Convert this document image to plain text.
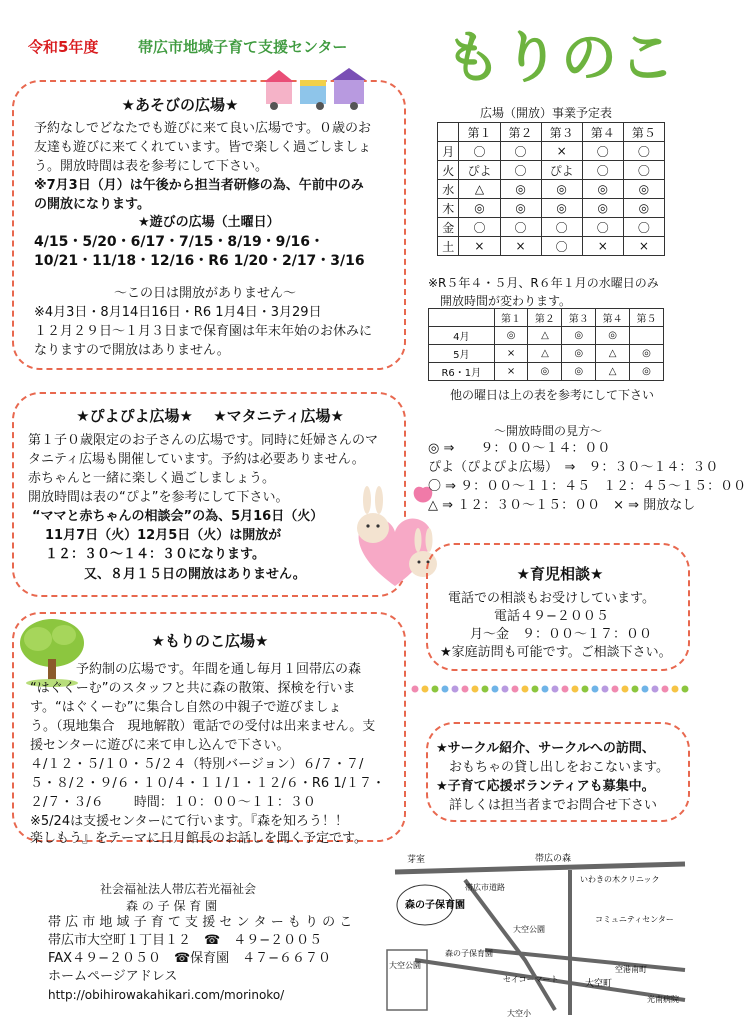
令和5年度	帯広市地域子育て支援センター もりのこ
★あそびの広場★
予約なしでどなたでも遊びに来て良い広場です。０歳のお
友達も遊びに来てくれています。皆で楽しく過ごしましょ
う。開放時間は表を参考にして下さい。
※7月3日（月）は午後から担当者研修の為、午前中のみ
の開放になります。
★遊びの広場（土曜日）
4/15・5/20・6/17・7/15・8/19・9/16・
10/21・11/18・12/16・R6 1/20・2/17・3/16
〜この日は開放がありません〜
※4月3日・8月14日16日・R6 1月4日・3月29日
１２月２９日〜１月３日まで保育園は年末年始のお休みに
なりますので開放はありません。
★ぴよぴよ広場★　 ★マタニティ広場★
第１子０歳限定のお子さんの広場です。同時に妊婦さんのマ
タニティ広場も開催しています。予約は必要ありません。
赤ちゃんと一緒に楽しく過ごしましょう。
開放時間は表の“ぴよ”を参考にして下さい。
“ママと赤ちゃんの相談会”の為、5月16日（火）
　11月7日（火）12月5日（火）は開放が
　１２：３０〜１４：３０になります。
　　　　又、８月１５日の開放はありません。
★もりのこ広場★
予約制の広場です。年間を通し毎月１回帯広の森
“はぐくーむ”のスタッフと共に森の散策、探検を行いま
す。“はぐくーむ”に集合し自然の中親子で遊びましょ
う。（現地集合　現地解散）電話での受付は出来ません。支
援センターに遊びに来て申し込んで下さい。
４/１２・５/１０・５/２４（特別バージョン）６/７・７/
５・８/２・９/６・１０/４・１１/１・１２/６・R6 1/１７・
２/７・３/６　　 時間：１０：００〜１１：３０
※5/24は支援センターにて行います。『森を知ろう！！
楽しもう』をテーマに日月館長のお話しを聞く予定です。
広場（開放）事業予定表
	第１	第２	第３	第４	第５
月	〇	〇	×	〇	〇
火	ぴよ	〇	ぴよ	〇	〇
水	△	◎	◎	◎	◎
木	◎	◎	◎	◎	◎
金	〇	〇	〇	〇	〇
土	×	×	〇	×	×
※R５年４・５月、R６年１月の水曜日のみ
　開放時間が変わります。
	第１	第２	第３	第４	第５
4月	◎	△	◎	◎	
5月	×	△	◎	△	◎
R6・1月	×	◎	◎	△	◎
他の曜日は上の表を参考にして下さい
〜開放時間の見方〜
◎ ⇒　　９：００〜１４：００
ぴよ（ぴよぴよ広場）　⇒　９：３０〜１４：３０
〇 ⇒ ９：００〜１１：４５　１２：４５〜１５：００
△ ⇒ １２：３０〜１５：００　× ⇒ 開放なし
★育児相談★
電話での相談もお受けしています。
電話４９−２００５
月〜金　９：００〜１７：００
★家庭訪問も可能です。ご相談下さい。
★サークル紹介、サークルへの訪問、
　おもちゃの貸し出しをおこないます。
★子育て応援ボランティアも募集中。
　詳しくは担当者までお問合せ下さい
社会福祉法人帯広若光福祉会
森 の 子 保 育 園
帯 広 市 地 域 子 育 て 支 援 セ ン タ ー も り の こ
帯広市大空町１丁目１２　☎　４９−２００５
FAX４９−２０５０　☎保育園　４７−６６７０
ホームページアドレス
http://obihirowakahikari.com/morinoko/
芽室	帯広の森
いわきの木クリニック
森の子保育園
コミュニティセンター
帯広市道路
森の子保育園
大空公園
空港南町
大空公園
セイコーマート	大空町
光南病院
大空小
